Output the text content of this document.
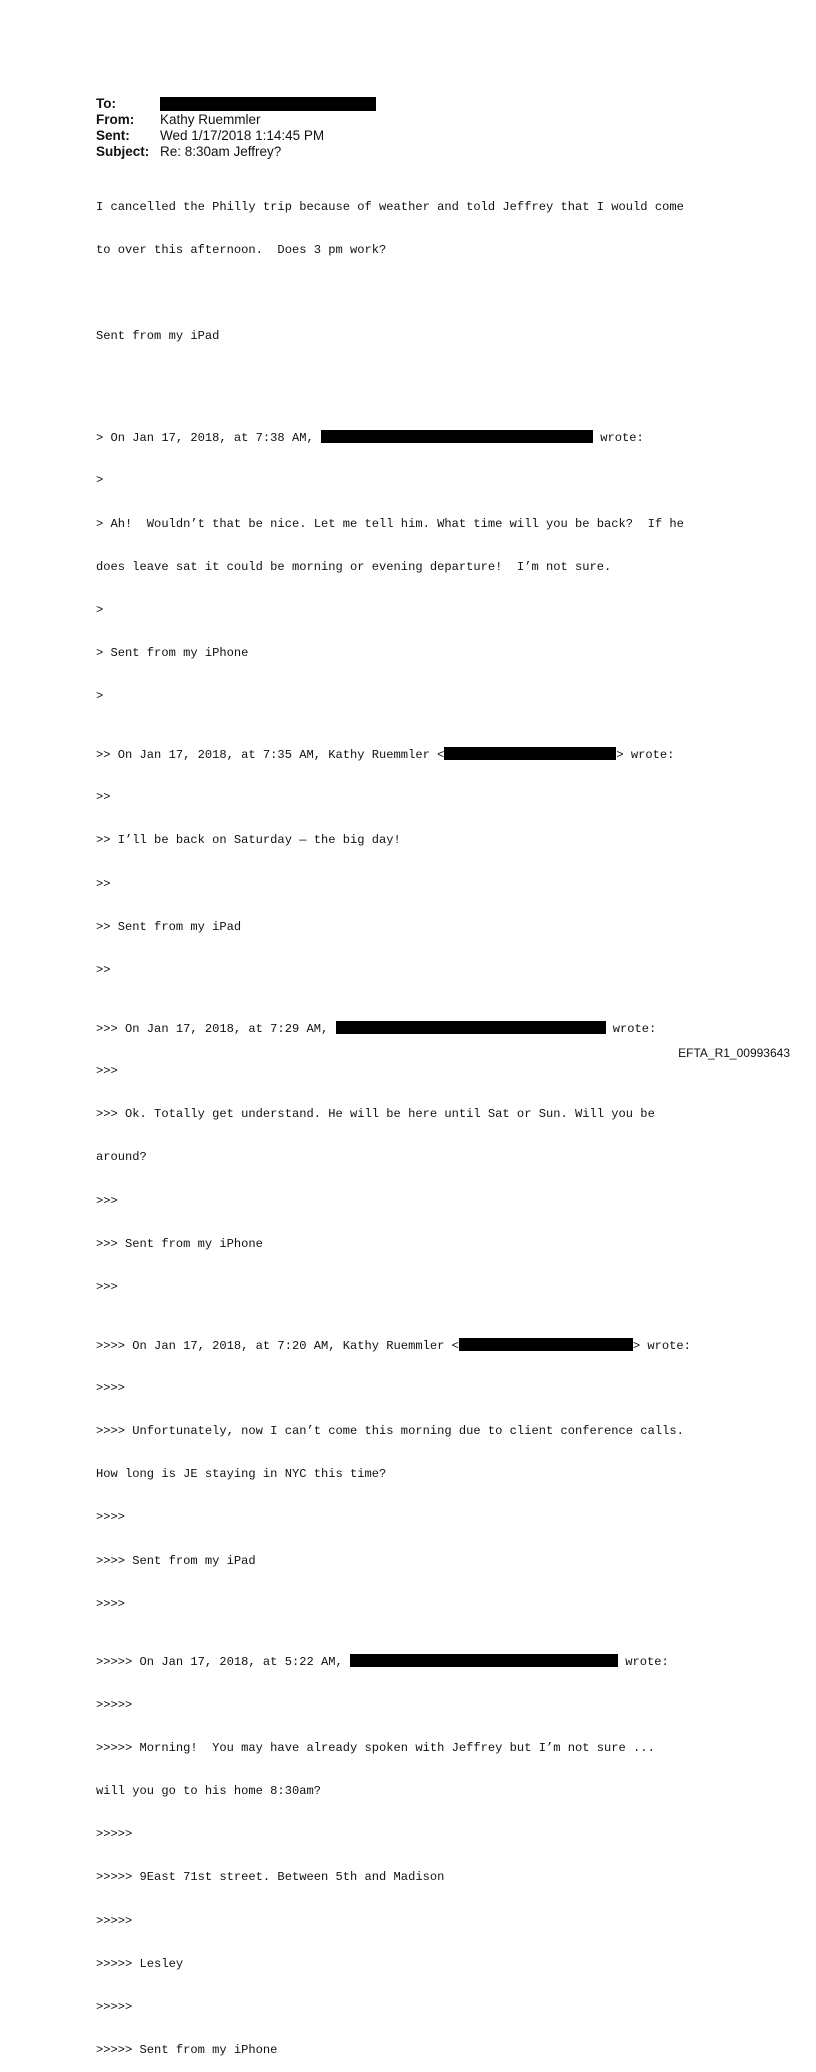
To:
From:	Kathy Ruemmler
Sent:	Wed 1/17/2018 1:14:45 PM
Subject: Re: 8:30am Jeffrey?

I cancelled the Philly trip because of weather and told Jeffrey that I would come

to over this afternoon.  Does 3 pm work?

Sent from my iPad

> On Jan 17, 2018, at 7:38 AM,	wrote:

>

> Ah!  Wouldn’t that be nice. Let me tell him. What time will you be back?  If he

does leave sat it could be morning or evening departure!  I’m not sure.

>

> Sent from my iPhone

>

>> On Jan 17, 2018, at 7:35 AM, Kathy Ruemmler <	> wrote:

>>

>> I’ll be back on Saturday — the big day!

>>

>> Sent from my iPad

>>

>>> On Jan 17, 2018, at 7:29 AM,	wrote:

>>>

>>> Ok. Totally get understand. He will be here until Sat or Sun. Will you be

around?

>>>

>>> Sent from my iPhone

>>>

>>>> On Jan 17, 2018, at 7:20 AM, Kathy Ruemmler <	> wrote:

>>>>

>>>> Unfortunately, now I can’t come this morning due to client conference calls.

How long is JE staying in NYC this time?

>>>>

>>>> Sent from my iPad

>>>>

>>>>> On Jan 17, 2018, at 5:22 AM,	wrote:

>>>>>

>>>>> Morning!  You may have already spoken with Jeffrey but I’m not sure ...

will you go to his home 8:30am?

>>>>>

>>>>> 9East 71st street. Between 5th and Madison

>>>>>

>>>>> Lesley

>>>>>

>>>>> Sent from my iPhone

EFTA_R1_00993643
